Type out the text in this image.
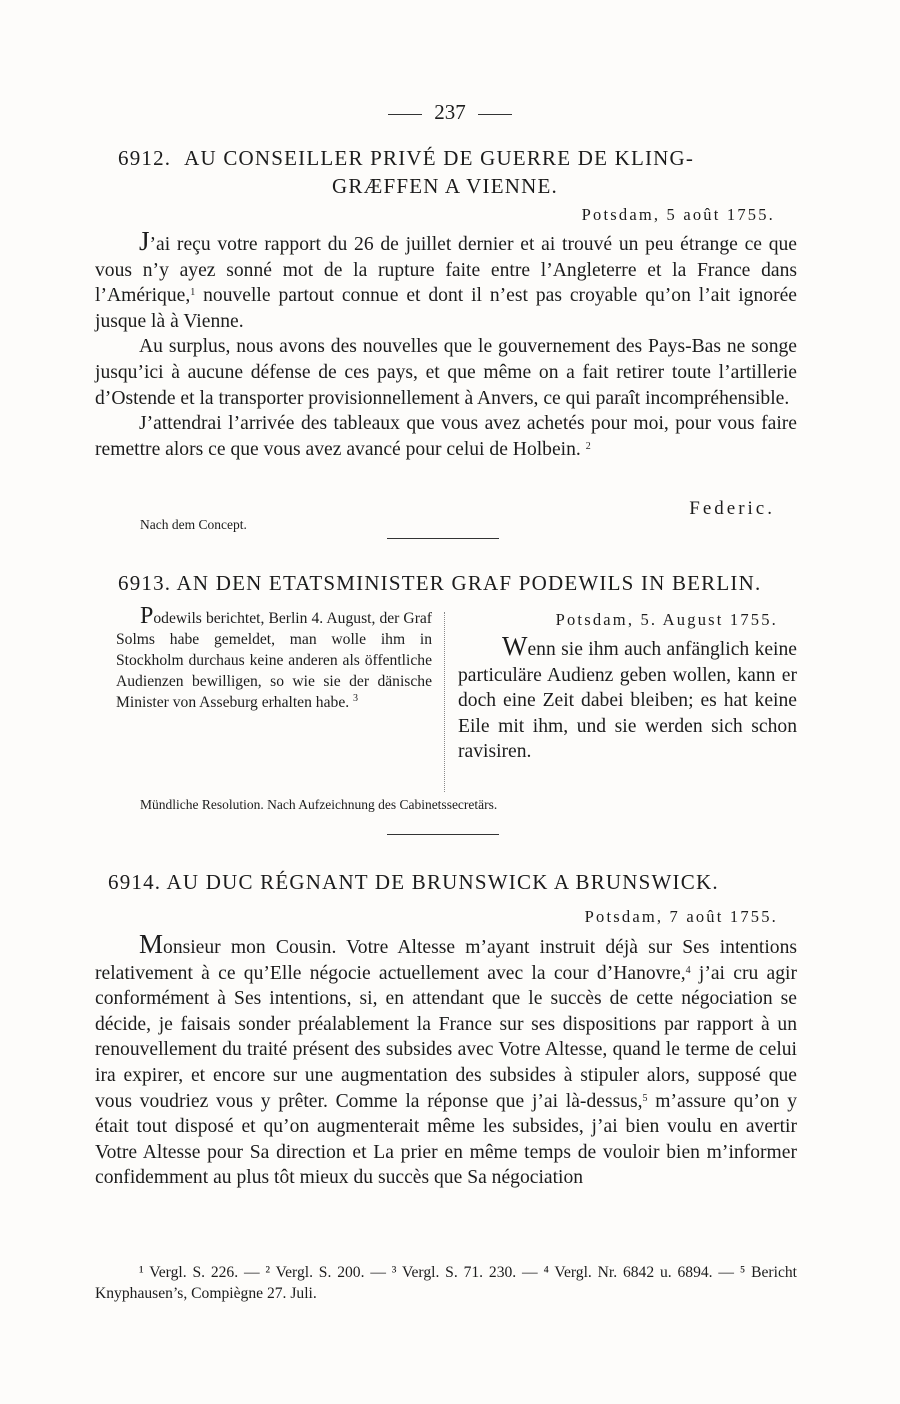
237
6912. AU CONSEILLER PRIVÉ DE GUERRE DE KLING-
GRÆFFEN A VIENNE.
Potsdam, 5 août 1755.

J’ai reçu votre rapport du 26 de juillet dernier et ai trouvé un peu étrange ce que vous n’y ayez sonné mot de la rupture faite entre l’Angleterre et la France dans l’Amérique,$^1$ nouvelle partout connue et dont il n’est pas croyable qu’on l’ait ignorée jusque là à Vienne.

Au surplus, nous avons des nouvelles que le gouvernement des Pays-Bas ne songe jusqu’ici à aucune défense de ces pays, et que même on a fait retirer toute l’artillerie d’Ostende et la transporter provisionnellement à Anvers, ce qui paraît incompréhensible.

J’attendrai l’arrivée des tableaux que vous avez achetés pour moi, pour vous faire remettre alors ce que vous avez avancé pour celui de Holbein. $^2$

Federic.
Nach dem Concept.
6913. AN DEN ETATSMINISTER GRAF PODEWILS IN BERLIN.

Podewils berichtet, Berlin 4. August, der Graf Solms habe gemeldet, man wolle ihm in Stockholm durchaus keine anderen als öffentliche Audienzen bewilligen, so wie sie der dänische Minister von Asseburg erhalten habe. $^3$

Potsdam, 5. August 1755.

Wenn sie ihm auch anfänglich keine particuläre Audienz geben wollen, kann er doch eine Zeit dabei bleiben; es hat keine Eile mit ihm, und sie werden sich schon ravisiren.

Mündliche Resolution. Nach Aufzeichnung des Cabinetssecretärs.
6914. AU DUC RÉGNANT DE BRUNSWICK A BRUNSWICK.
Potsdam, 7 août 1755.

Monsieur mon Cousin. Votre Altesse m’ayant instruit déjà sur Ses intentions relativement à ce qu’Elle négocie actuellement avec la cour d’Hanovre,$^4$ j’ai cru agir conformément à Ses intentions, si, en attendant que le succès de cette négociation se décide, je faisais sonder préalablement la France sur ses dispositions par rapport à un renouvellement du traité présent des subsides avec Votre Altesse, quand le terme de celui ira expirer, et encore sur une augmentation des subsides à stipuler alors, supposé que vous voudriez vous y prêter. Comme la réponse que j’ai là-dessus,$^5$ m’assure qu’on y était tout disposé et qu’on augmenterait même les subsides, j’ai bien voulu en avertir Votre Altesse pour Sa direction et La prier en même temps de vouloir bien m’informer confidemment au plus tôt mieux du succès que Sa négociation

¹ Vergl. S. 226. — ² Vergl. S. 200. — ³ Vergl. S. 71. 230. — ⁴ Vergl. Nr. 6842 u. 6894. — ⁵ Bericht Knyphausen’s, Compiègne 27. Juli.
